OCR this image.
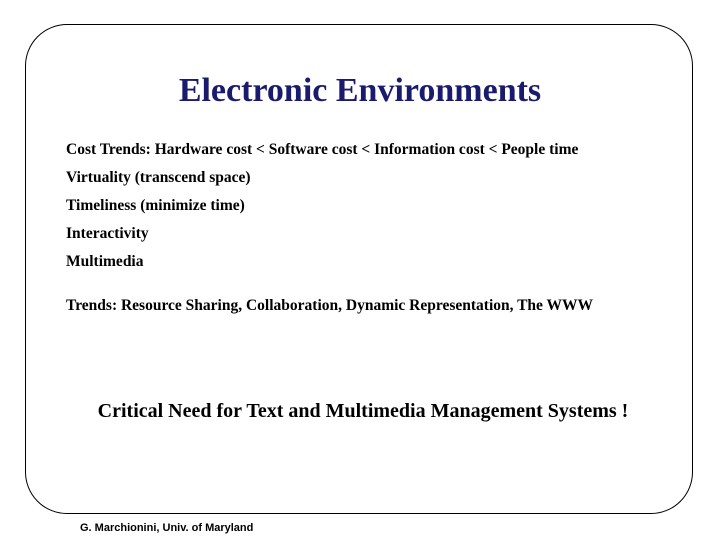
Electronic Environments
Cost Trends: Hardware cost < Software cost < Information cost < People time
Virtuality (transcend space)
Timeliness (minimize time)
Interactivity
Multimedia
Trends: Resource Sharing, Collaboration, Dynamic Representation, The WWW
Critical Need for Text and Multimedia Management Systems !
G. Marchionini, Univ. of Maryland
